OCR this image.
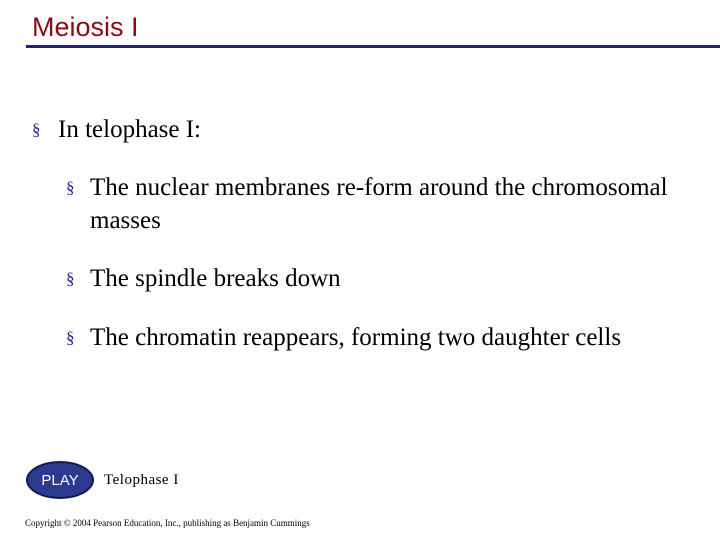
Meiosis I
§ In telophase I:
§ The nuclear membranes re-form around the chromosomal masses
§ The spindle breaks down
§ The chromatin reappears, forming two daughter cells
PLAY	Telophase I
Copyright © 2004 Pearson Education, Inc., publishing as Benjamin Cummings
